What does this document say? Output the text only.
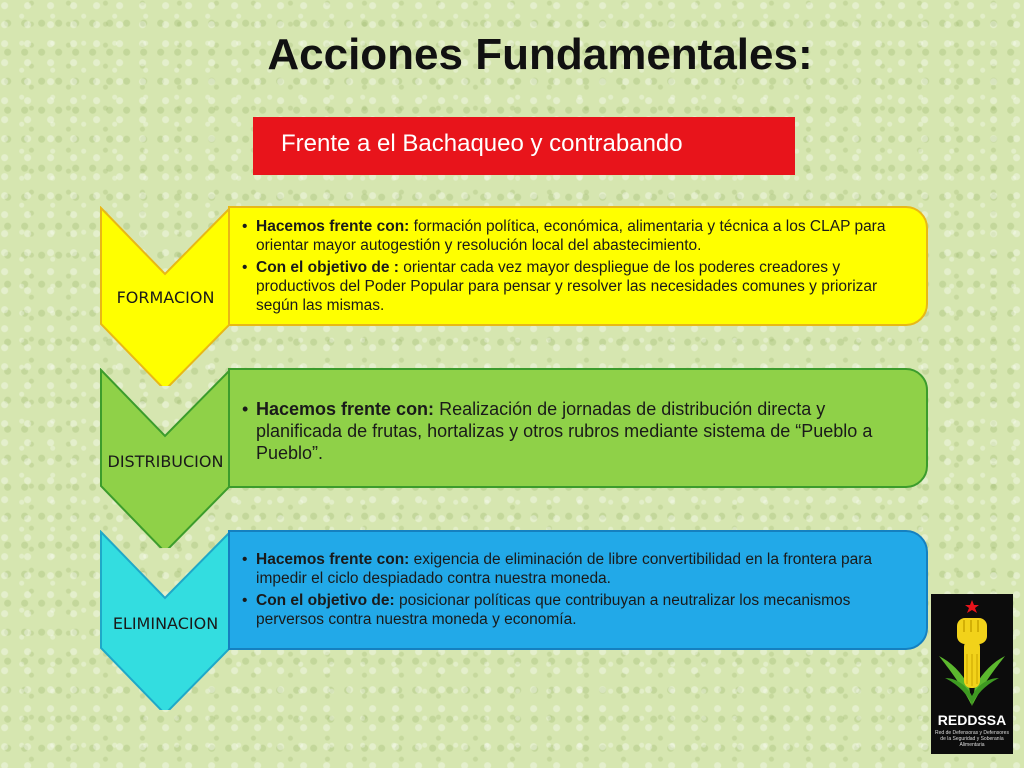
Acciones Fundamentales:
Frente a el Bachaqueo y contrabando
FORMACION
• Hacemos frente con: formación política, económica, alimentaria y técnica a los CLAP para orientar mayor autogestión y resolución local del abastecimiento.
• Con el objetivo de : orientar cada vez mayor despliegue de los poderes creadores y productivos del Poder Popular para pensar y resolver las necesidades comunes y priorizar según las mismas.
DISTRIBUCION
• Hacemos frente con: Realización de jornadas de distribución directa y planificada de frutas, hortalizas y otros rubros mediante sistema de “Pueblo a Pueblo”.
ELIMINACION
• Hacemos frente con: exigencia de eliminación de libre convertibilidad en la frontera para impedir el ciclo despiadado contra nuestra moneda.
• Con el objetivo de: posicionar políticas que contribuyan a neutralizar los mecanismos perversos contra nuestra moneda y economía.
REDDSSA
Red de Defensoras y Defensores de la Seguridad y Soberanía Alimentaria
